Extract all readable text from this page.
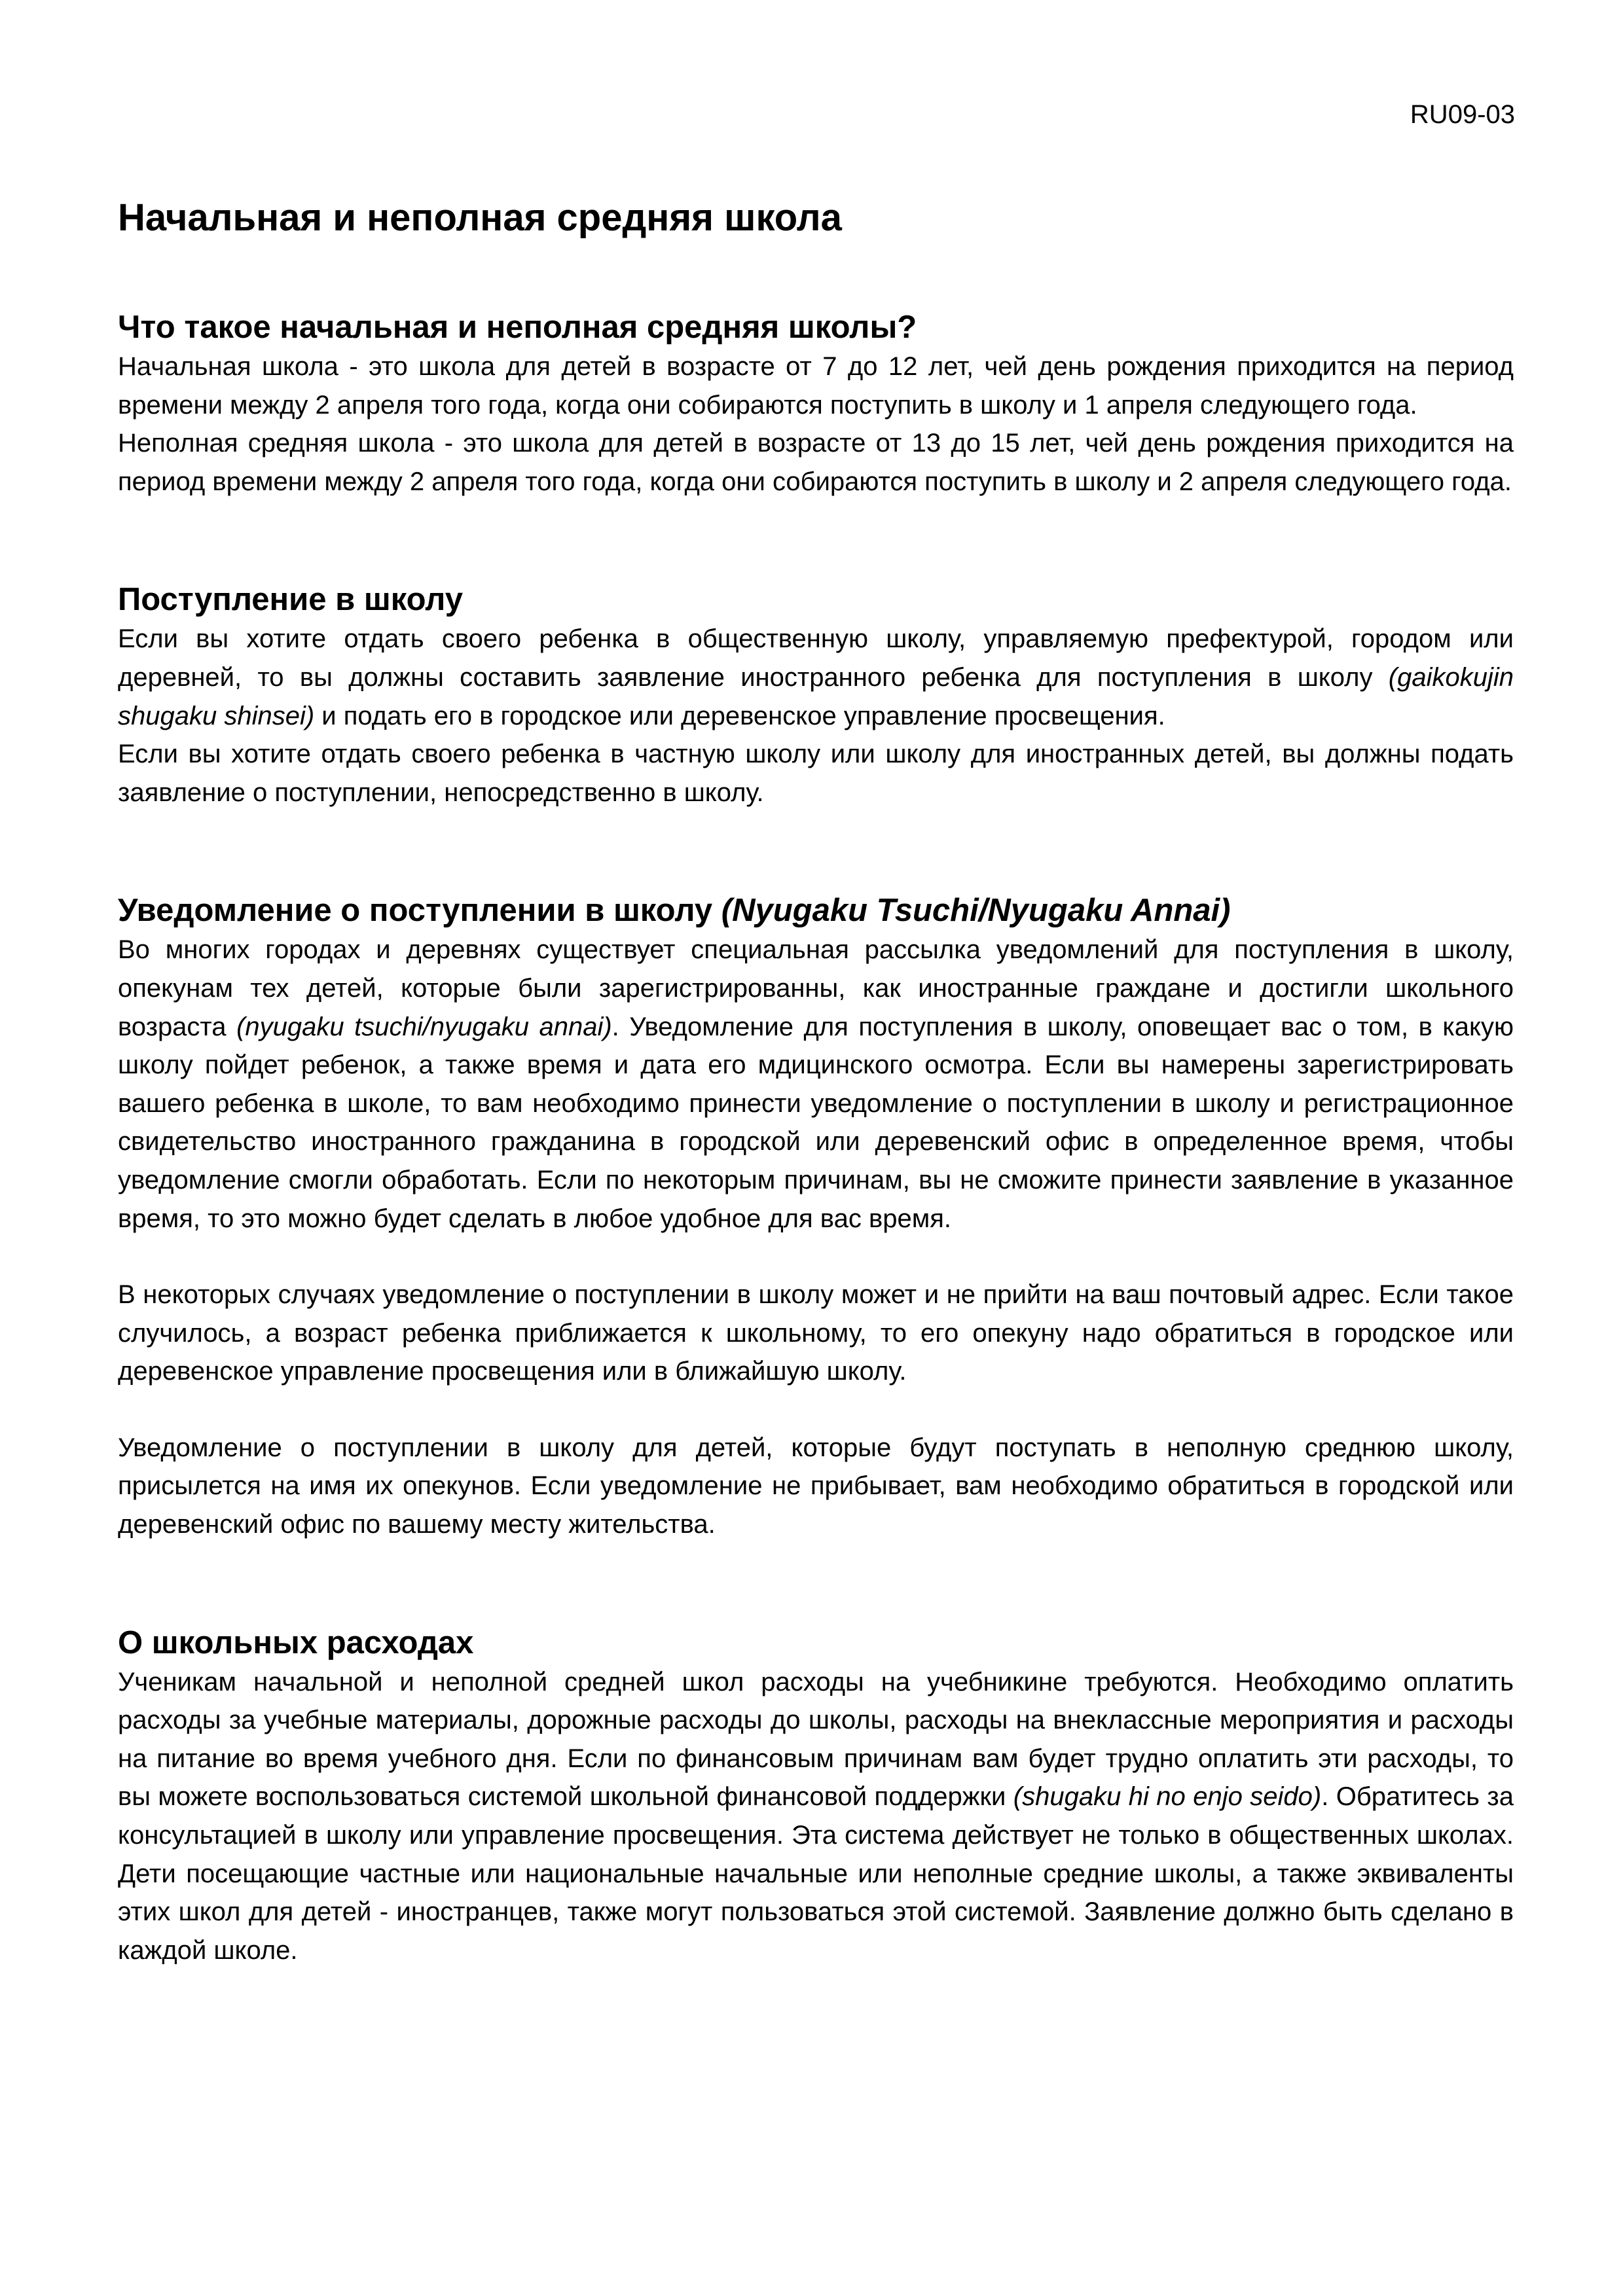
RU09-03
Начальная и неполная средняя школа
Что такое начальная и неполная средняя школы?

Начальная школа - это школа для детей в возрасте от 7 до 12 лет, чей день рождения приходится на период времени между 2 апреля того года, когда они собираются поступить в школу и 1 апреля следующего года.

Неполная средняя школа - это школа для детей в возрасте от 13 до 15 лет, чей день рождения приходится на период времени между 2 апреля того года, когда они собираются поступить в школу и 2 апреля следующего года.

Поступление в школу

Если вы хотите отдать своего ребенка в общественную школу, управляемую префектурой, городом или деревней, то вы должны составить заявление иностранного ребенка для поступления в школу (gaikokujin shugaku shinsei) и подать его в городское или деревенское управление просвещения.

Если вы хотите отдать своего ребенка в частную школу или школу для иностранных детей, вы должны подать заявление о поступлении, непосредственно в школу.

Уведомление о поступлении в школу (Nyugaku Tsuchi/Nyugaku Annai)

Во многих городах и деревнях существует специальная рассылка уведомлений для поступления в школу, опекунам тех детей, которые были зарегистрированны, как иностранные граждане и достигли школьного возраста (nyugaku tsuchi/nyugaku annai). Уведомление для поступления в школу, оповещает вас о том, в какую школу пойдет ребенок, а также время и дата его мдицинского осмотра. Если вы намерены зарегистрировать вашего ребенка в школе, то вам необходимо принести уведомление о поступлении в школу и регистрационное свидетельство иностранного гражданина в городской или деревенский офис в определенное время, чтобы уведомление смогли обработать. Если по некоторым причинам, вы не сможите принести заявление в указанное время, то это можно будет сделать в любое удобное для вас время.

В некоторых случаях уведомление о поступлении в школу может и не прийти на ваш почтовый адрес. Если такое случилось, а возраст ребенка приближается к школьному, то его опекуну надо обратиться в городское или деревенское управление просвещения или в ближайшую школу.

Уведомление о поступлении в школу для детей, которые будут поступать в неполную среднюю школу, присылется на имя их опекунов. Если уведомление не прибывает, вам необходимо обратиться в городской или деревенский офис по вашему месту жительства.

О школьных расходах

Ученикам начальной и неполной средней школ расходы на учебникине требуются. Необходимо оплатить расходы за учебные материалы, дорожные расходы до школы, расходы на внеклассные мероприятия и расходы на питание во время учебного дня. Если по финансовым причинам вам будет трудно оплатить эти расходы, то вы можете воспользоваться системой школьной финансовой поддержки (shugaku hi no enjo seido). Обратитесь за консультацией в школу или управление просвещения. Эта система действует не только в общественных школах. Дети посещающие частные или национальные начальные или неполные средние школы, а также эквиваленты этих школ для детей - иностранцев, также могут пользоваться этой системой. Заявление должно быть сделано в каждой школе.
